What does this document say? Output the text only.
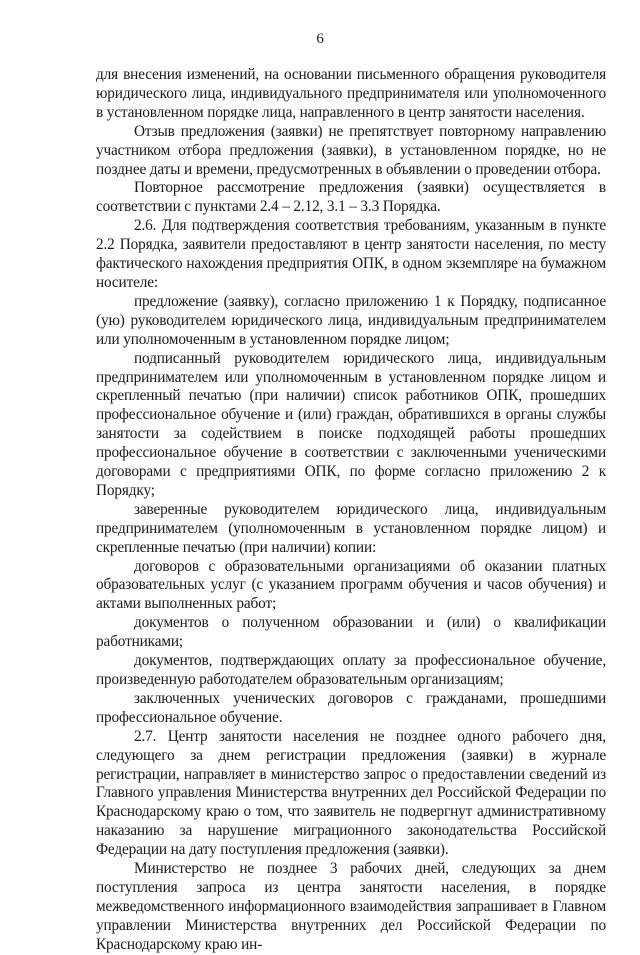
6

для внесения изменений, на основании письменного обращения руководителя юридического лица, индивидуального предпринимателя или уполномоченного в установленном порядке лица, направленного в центр занятости населения.

Отзыв предложения (заявки) не препятствует повторному направлению участником отбора предложения (заявки), в установленном порядке, но не позднее даты и времени, предусмотренных в объявлении о проведении отбора.

Повторное рассмотрение предложения (заявки) осуществляется в соответствии с пунктами 2.4 – 2.12, 3.1 – 3.3 Порядка.

2.6. Для подтверждения соответствия требованиям, указанным в пункте 2.2 Порядка, заявители предоставляют в центр занятости населения, по месту фактического нахождения предприятия ОПК, в одном экземпляре на бумажном носителе:

предложение (заявку), согласно приложению 1 к Порядку, подписанное (ую) руководителем юридического лица, индивидуальным предпринимателем или уполномоченным в установленном порядке лицом;

подписанный руководителем юридического лица, индивидуальным предпринимателем или уполномоченным в установленном порядке лицом и скрепленный печатью (при наличии) список работников ОПК, прошедших профессиональное обучение и (или) граждан, обратившихся в органы службы занятости за содействием в поиске подходящей работы прошедших профессиональное обучение в соответствии с заключенными ученическими договорами с предприятиями ОПК, по форме согласно приложению 2 к Порядку;

заверенные руководителем юридического лица, индивидуальным предпринимателем (уполномоченным в установленном порядке лицом) и скрепленные печатью (при наличии) копии:

договоров с образовательными организациями об оказании платных образовательных услуг (с указанием программ обучения и часов обучения) и актами выполненных работ;

документов о полученном образовании и (или) о квалификации работниками;

документов, подтверждающих оплату за профессиональное обучение, произведенную работодателем образовательным организациям;

заключенных ученических договоров с гражданами, прошедшими профессиональное обучение.

2.7. Центр занятости населения не позднее одного рабочего дня, следующего за днем регистрации предложения (заявки) в журнале регистрации, направляет в министерство запрос о предоставлении сведений из Главного управления Министерства внутренних дел Российской Федерации по Краснодарскому краю о том, что заявитель не подвергнут административному наказанию за нарушение миграционного законодательства Российской Федерации на дату поступления предложения (заявки).

Министерство не позднее 3 рабочих дней, следующих за днем поступления запроса из центра занятости населения, в порядке межведомственного информационного взаимодействия запрашивает в Главном управлении Министерства внутренних дел Российской Федерации по Краснодарскому краю ин-
